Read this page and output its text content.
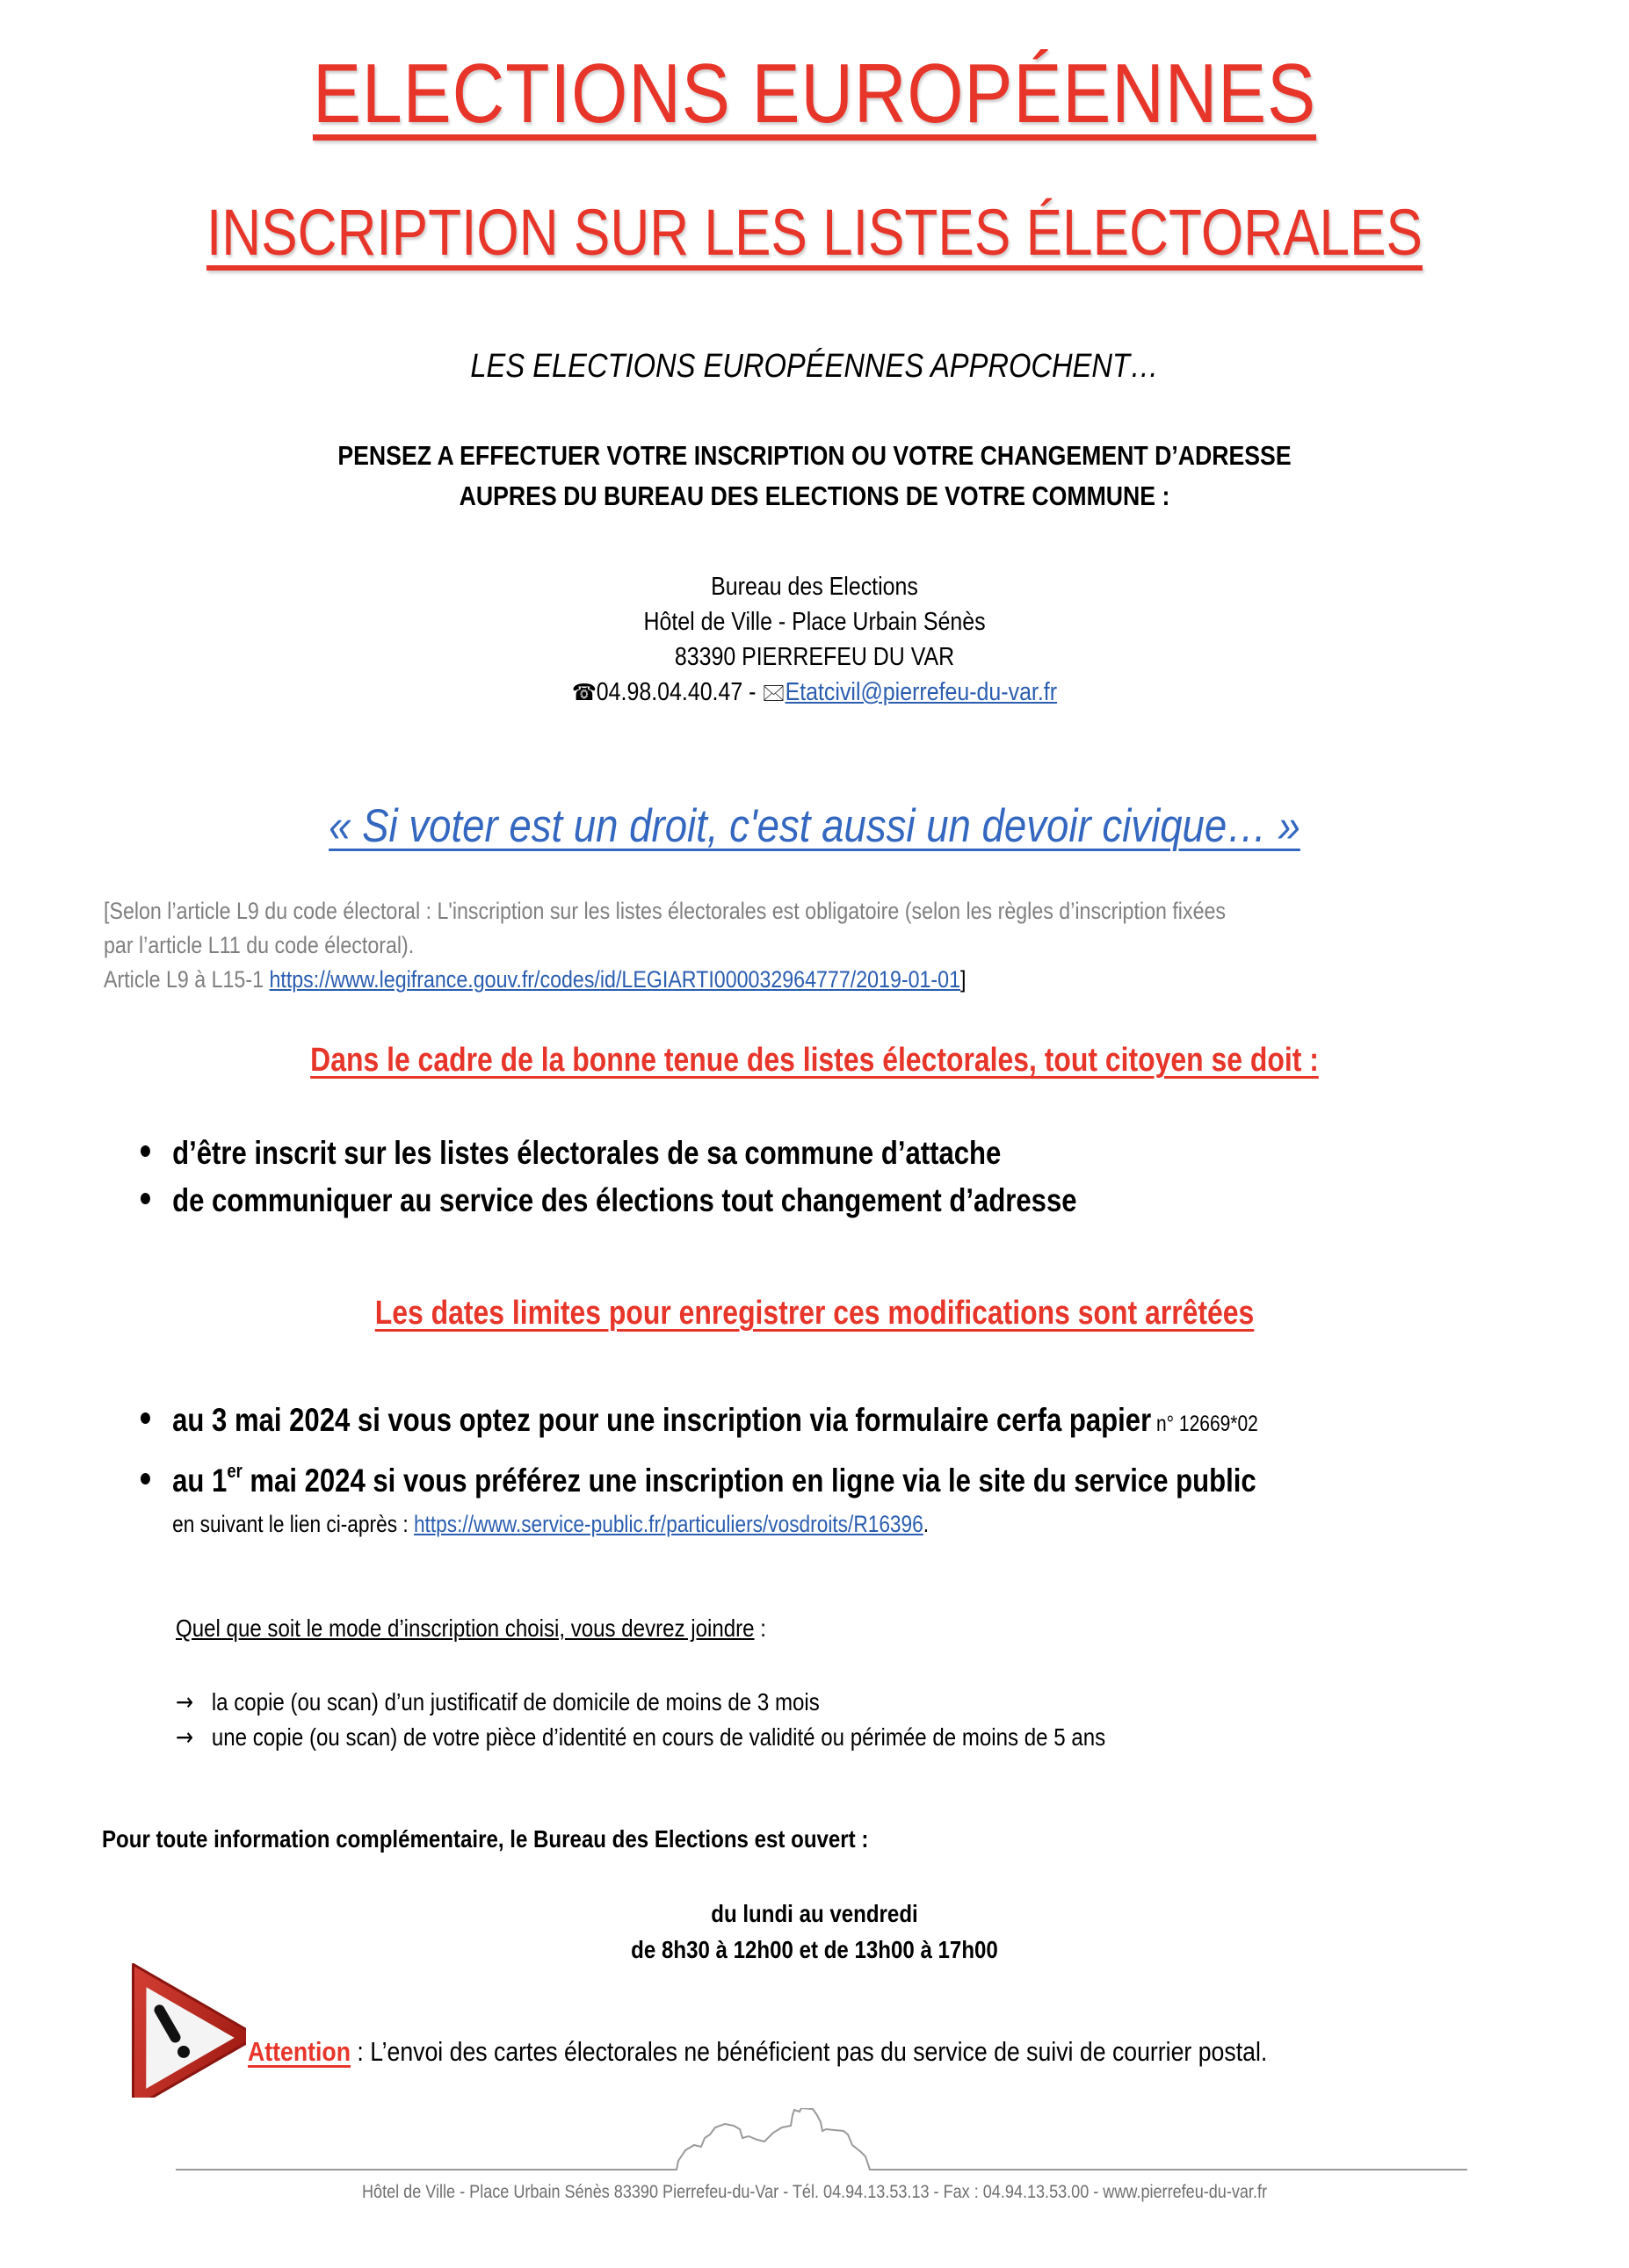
ELECTIONS EUROPÉENNES
INSCRIPTION SUR LES LISTES ÉLECTORALES
LES ELECTIONS EUROPÉENNES APPROCHENT…
PENSEZ A EFFECTUER VOTRE INSCRIPTION OU VOTRE CHANGEMENT D’ADRESSE
AUPRES DU BUREAU DES ELECTIONS DE VOTRE COMMUNE :
Bureau des Elections
Hôtel de Ville - Place Urbain Sénès
83390 PIERREFEU DU VAR
☎04.98.04.40.47 - 🖂Etatcivil@pierrefeu-du-var.fr
« Si voter est un droit, c'est aussi un devoir civique… »
[Selon l’article L9 du code électoral : L'inscription sur les listes électorales est obligatoire (selon les règles d’inscription fixées
par l’article L11 du code électoral).
Article L9 à L15-1 https://www.legifrance.gouv.fr/codes/id/LEGIARTI000032964777/2019-01-01]
Dans le cadre de la bonne tenue des listes électorales, tout citoyen se doit :
d’être inscrit sur les listes électorales de sa commune d’attache
de communiquer au service des élections tout changement d’adresse
Les dates limites pour enregistrer ces modifications sont arrêtées
au 3 mai 2024 si vous optez pour une inscription via formulaire cerfa papier n° 12669*02
au 1er mai 2024 si vous préférez une inscription en ligne via le site du service public
en suivant le lien ci-après : https://www.service-public.fr/particuliers/vosdroits/R16396.
Quel que soit le mode d’inscription choisi, vous devrez joindre :
→ la copie (ou scan) d’un justificatif de domicile de moins de 3 mois
→ une copie (ou scan) de votre pièce d’identité en cours de validité ou périmée de moins de 5 ans
Pour toute information complémentaire, le Bureau des Elections est ouvert :
du lundi au vendredi
de 8h30 à 12h00 et de 13h00 à 17h00
Attention : L’envoi des cartes électorales ne bénéficient pas du service de suivi de courrier postal.
Hôtel de Ville - Place Urbain Sénès 83390 Pierrefeu-du-Var - Tél. 04.94.13.53.13 - Fax : 04.94.13.53.00 - www.pierrefeu-du-var.fr
